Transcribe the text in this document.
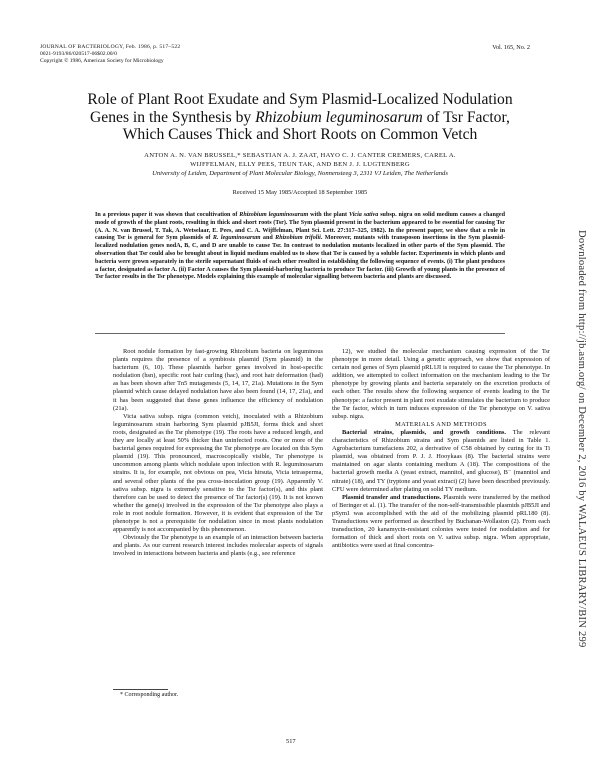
JOURNAL OF BACTERIOLOGY, Feb. 1986, p. 517–522
0021-9193/86/020517-06$02.00/0
Copyright © 1986, American Society for Microbiology
Vol. 165, No. 2
Role of Plant Root Exudate and Sym Plasmid-Localized Nodulation
Genes in the Synthesis by Rhizobium leguminosarum of Tsr Factor,
Which Causes Thick and Short Roots on Common Vetch
ANTON A. N. VAN BRUSSEL,* SEBASTIAN A. J. ZAAT, HAYO C. J. CANTER CREMERS, CAREL A.
WIJFFELMAN, ELLY PEES, TEUN TAK, AND BEN J. J. LUGTENBERG
University of Leiden, Department of Plant Molecular Biology, Nonnensteeg 3, 2311 VJ Leiden, The Netherlands
Received 15 May 1985/Accepted 18 September 1985
In a previous paper it was shown that cocultivation of Rhizobium leguminosarum with the plant Vicia sativa subsp. nigra on solid medium causes a changed mode of growth of the plant roots, resulting in thick and short roots (Tsr). The Sym plasmid present in the bacterium appeared to be essential for causing Tsr (A. A. N. van Brussel, T. Tak, A. Wetselaar, E. Pees, and C. A. Wijffelman, Plant Sci. Lett. 27:317–325, 1982). In the present paper, we show that a role in causing Tsr is general for Sym plasmids of R. leguminosarum and Rhizobium trifolii. Moreover, mutants with transposon insertions in the Sym plasmid-localized nodulation genes nodA, B, C, and D are unable to cause Tsr. In contrast to nodulation mutants localized in other parts of the Sym plasmid. The observation that Tsr could also be brought about in liquid medium enabled us to show that Tsr is caused by a soluble factor. Experiments in which plants and bacteria were grown separately in the sterile supernatant fluids of each other resulted in establishing the following sequence of events. (i) The plant produces a factor, designated as factor A. (ii) Factor A causes the Sym plasmid-harboring bacteria to produce Tsr factor. (iii) Growth of young plants in the presence of Tsr factor results in the Tsr phenotype. Models explaining this example of molecular signalling between bacteria and plants are discussed.

Root nodule formation by fast-growing Rhizobium bacteria on leguminous plants requires the presence of a symbiosis plasmid (Sym plasmid) in the bacterium (6, 10). These plasmids harbor genes involved in host-specific nodulation (hsn), specific root hair curling (hac), and root hair deformation (had) as has been shown after Tn5 mutagenesis (5, 14, 17, 21a). Mutations in the Sym plasmid which cause delayed nodulation have also been found (14, 17, 21a), and it has been suggested that these genes influence the efficiency of nodulation (21a).

Vicia sativa subsp. nigra (common vetch), inoculated with a Rhizobium leguminosarum strain harboring Sym plasmid pJB5JI, forms thick and short roots, designated as the Tsr phenotype (19). The roots have a reduced length, and they are locally at least 50% thicker than uninfected roots. One or more of the bacterial genes required for expressing the Tsr phenotype are located on this Sym plasmid (19). This pronounced, macroscopically visible, Tsr phenotype is uncommon among plants which nodulate upon infection with R. leguminosarum strains. It is, for example, not obvious on pea, Vicia hirsuta, Vicia tetrasperma, and several other plants of the pea cross-inoculation group (19). Apparently V. sativa subsp. nigra is extremely sensitive to the Tsr factor(s), and this plant therefore can be used to detect the presence of Tsr factor(s) (19). It is not known whether the gene(s) involved in the expression of the Tsr phenotype also plays a role in root nodule formation. However, it is evident that expression of the Tsr phenotype is not a prerequisite for nodulation since in most plants nodulation apparently is not accompanied by this phenomenon.

Obviously the Tsr phenotype is an example of an interaction between bacteria and plants. As our current research interest includes molecular aspects of signals involved in interactions between bacteria and plants (e.g., see reference

12), we studied the molecular mechanism causing expression of the Tsr phenotype in more detail. Using a genetic approach, we show that expression of certain nod genes of Sym plasmid pRL1JI is required to cause the Tsr phenotype. In addition, we attempted to collect information on the mechanism leading to the Tsr phenotype by growing plants and bacteria separately on the excretion products of each other. The results show the following sequence of events leading to the Tsr phenotype: a factor present in plant root exudate stimulates the bacterium to produce the Tsr factor, which in turn induces expression of the Tsr phenotype on V. sativa subsp. nigra.

MATERIALS AND METHODS

Bacterial strains, plasmids, and growth conditions. The relevant characteristics of Rhizobium strains and Sym plasmids are listed in Table 1. Agrobacterium tumefaciens 202, a derivative of C58 obtained by curing for its Ti plasmid, was obtained from P. J. J. Hooykaas (8). The bacterial strains were maintained on agar slants containing medium A (18). The compositions of the bacterial growth media A (yeast extract, mannitol, and glucose), B⁻ (mannitol and nitrate) (18), and TY (tryptone and yeast extract) (2) have been described previously. CFU were determined after plating on solid TY medium.

Plasmid transfer and transductions. Plasmids were transferred by the method of Beringer et al. (1). The transfer of the non-self-transmissible plasmids pJB5JI and pSym1 was accomplished with the aid of the mobilizing plasmid pRL180 (8). Transductions were performed as described by Buchanan-Wollaston (2). From each transduction, 20 kanamycin-resistant colonies were tested for nodulation and for formation of thick and short roots on V. sativa subsp. nigra. When appropriate, antibiotics were used at final concentra-

* Corresponding author.
517
Downloaded from http://jb.asm.org/ on December 2, 2016 by WALAEUS LIBRARY/BIN 299
